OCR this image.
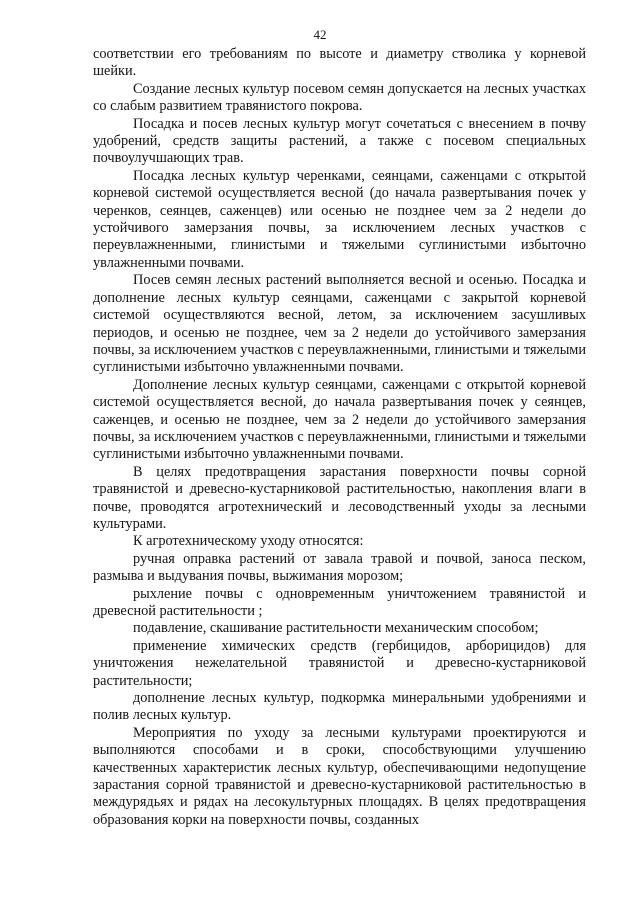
42

соответствии его требованиям по высоте и диаметру стволика у корневой шейки.

Создание лесных культур посевом семян допускается на лесных участках со слабым развитием травянистого покрова.

Посадка и посев лесных культур могут сочетаться с внесением в почву удобрений, средств защиты растений, а также с посевом специальных почвоулучшающих трав.

Посадка лесных культур черенками, сеянцами, саженцами с открытой корневой системой осуществляется весной (до начала развертывания почек у черенков, сеянцев, саженцев) или осенью не позднее чем за 2 недели до устойчивого замерзания почвы, за исключением лесных участков с переувлажненными, глинистыми и тяжелыми суглинистыми избыточно увлажненными почвами.

Посев семян лесных растений выполняется весной и осенью. Посадка и дополнение лесных культур сеянцами, саженцами с закрытой корневой системой осуществляются весной, летом, за исключением засушливых периодов, и осенью не позднее, чем за 2 недели до устойчивого замерзания почвы, за исключением участков с переувлажненными, глинистыми и тяжелыми суглинистыми избыточно увлажненными почвами.

Дополнение лесных культур сеянцами, саженцами с открытой корневой системой осуществляется весной, до начала развертывания почек у сеянцев, саженцев, и осенью не позднее, чем за 2 недели до устойчивого замерзания почвы, за исключением участков с переувлажненными, глинистыми и тяжелыми суглинистыми избыточно увлажненными почвами.

В целях предотвращения зарастания поверхности почвы сорной травянистой и древесно-кустарниковой растительностью, накопления влаги в почве, проводятся агротехнический и лесоводственный уходы за лесными культурами.

К агротехническому уходу относятся:

ручная оправка растений от завала травой и почвой, заноса песком, размыва и выдувания почвы, выжимания морозом;

рыхление почвы с одновременным уничтожением травянистой и древесной растительности ;

подавление, скашивание растительности механическим способом;

применение химических средств (гербицидов, арборицидов) для уничтожения нежелательной травянистой и древесно-кустарниковой растительности;

дополнение лесных культур, подкормка минеральными удобрениями и полив лесных культур.

Мероприятия по уходу за лесными культурами проектируются и выполняются способами и в сроки, способствующими улучшению качественных характеристик лесных культур, обеспечивающими недопущение зарастания сорной травянистой и древесно-кустарниковой растительностью в междурядьях и рядах на лесокультурных площадях. В целях предотвращения образования корки на поверхности почвы, созданных
